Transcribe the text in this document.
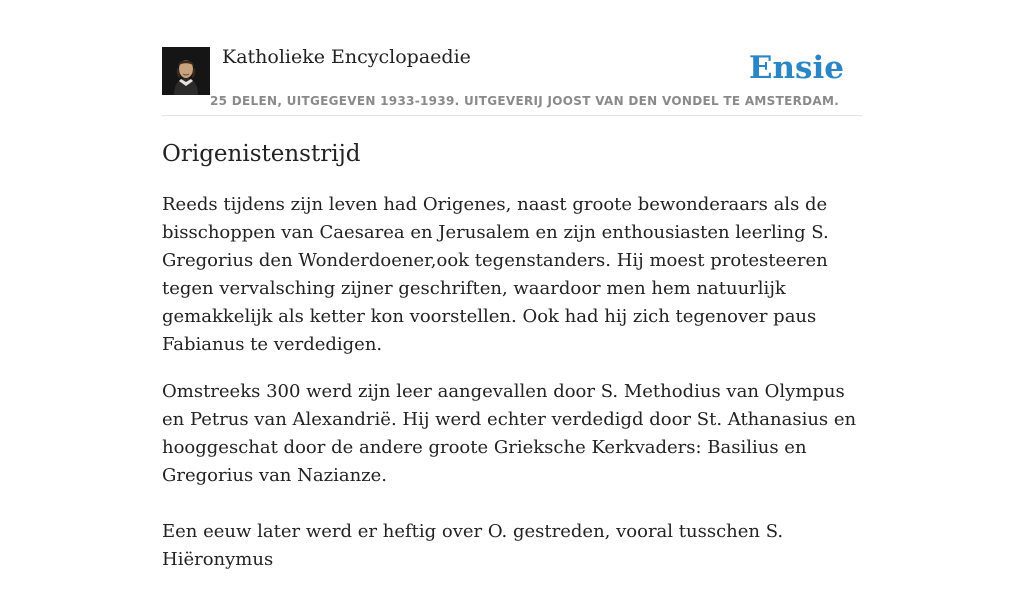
Katholieke Encyclopaedie
25 DELEN, UITGEGEVEN 1933-1939. UITGEVERIJ JOOST VAN DEN VONDEL TE AMSTERDAM.
Ensie
Origenistenstrijd

Reeds tijdens zijn leven had Origenes, naast groote bewonderaars als de bisschoppen van Caesarea en Jerusalem en zijn enthousiasten leerling S. Gregorius den Wonderdoener,ook tegenstanders. Hij moest protesteeren tegen vervalsching zijner geschriften, waardoor men hem natuurlijk gemakkelijk als ketter kon voorstellen. Ook had hij zich tegenover paus Fabianus te verdedigen.

Omstreeks 300 werd zijn leer aangevallen door S. Methodius van Olympus en Petrus van Alexandrië. Hij werd echter verdedigd door St. Athanasius en hooggeschat door de andere groote Grieksche Kerkvaders: Basilius en Gregorius van Nazianze.

Een eeuw later werd er heftig over O. gestreden, vooral tusschen S. Hiëronymus
